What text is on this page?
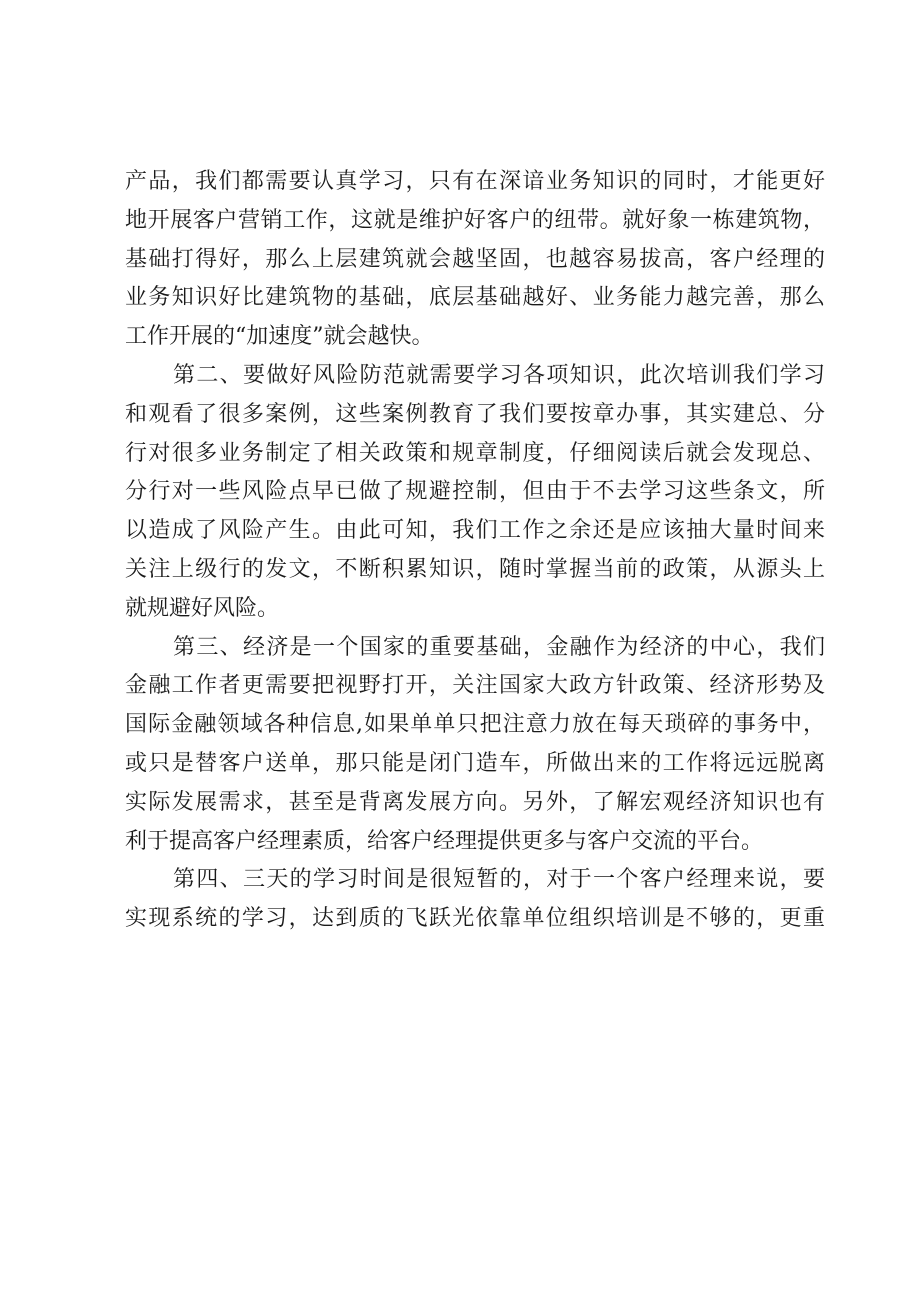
产品，我们都需要认真学习，只有在深谙业务知识的同时，才能更好
地开展客户营销工作，这就是维护好客户的纽带。就好象一栋建筑物，
基础打得好，那么上层建筑就会越坚固，也越容易拔高，客户经理的
业务知识好比建筑物的基础，底层基础越好、业务能力越完善，那么
工作开展的“加速度”就会越快。
第二、要做好风险防范就需要学习各项知识，此次培训我们学习
和观看了很多案例，这些案例教育了我们要按章办事，其实建总、分
行对很多业务制定了相关政策和规章制度，仔细阅读后就会发现总、
分行对一些风险点早已做了规避控制，但由于不去学习这些条文，所
以造成了风险产生。由此可知，我们工作之余还是应该抽大量时间来
关注上级行的发文，不断积累知识，随时掌握当前的政策，从源头上
就规避好风险。
第三、经济是一个国家的重要基础，金融作为经济的中心，我们
金融工作者更需要把视野打开，关注国家大政方针政策、经济形势及
国际金融领域各种信息,如果单单只把注意力放在每天琐碎的事务中，
或只是替客户送单，那只能是闭门造车，所做出来的工作将远远脱离
实际发展需求，甚至是背离发展方向。另外，了解宏观经济知识也有
利于提高客户经理素质，给客户经理提供更多与客户交流的平台。
第四、三天的学习时间是很短暂的，对于一个客户经理来说，要
实现系统的学习，达到质的飞跃光依靠单位组织培训是不够的，更重
